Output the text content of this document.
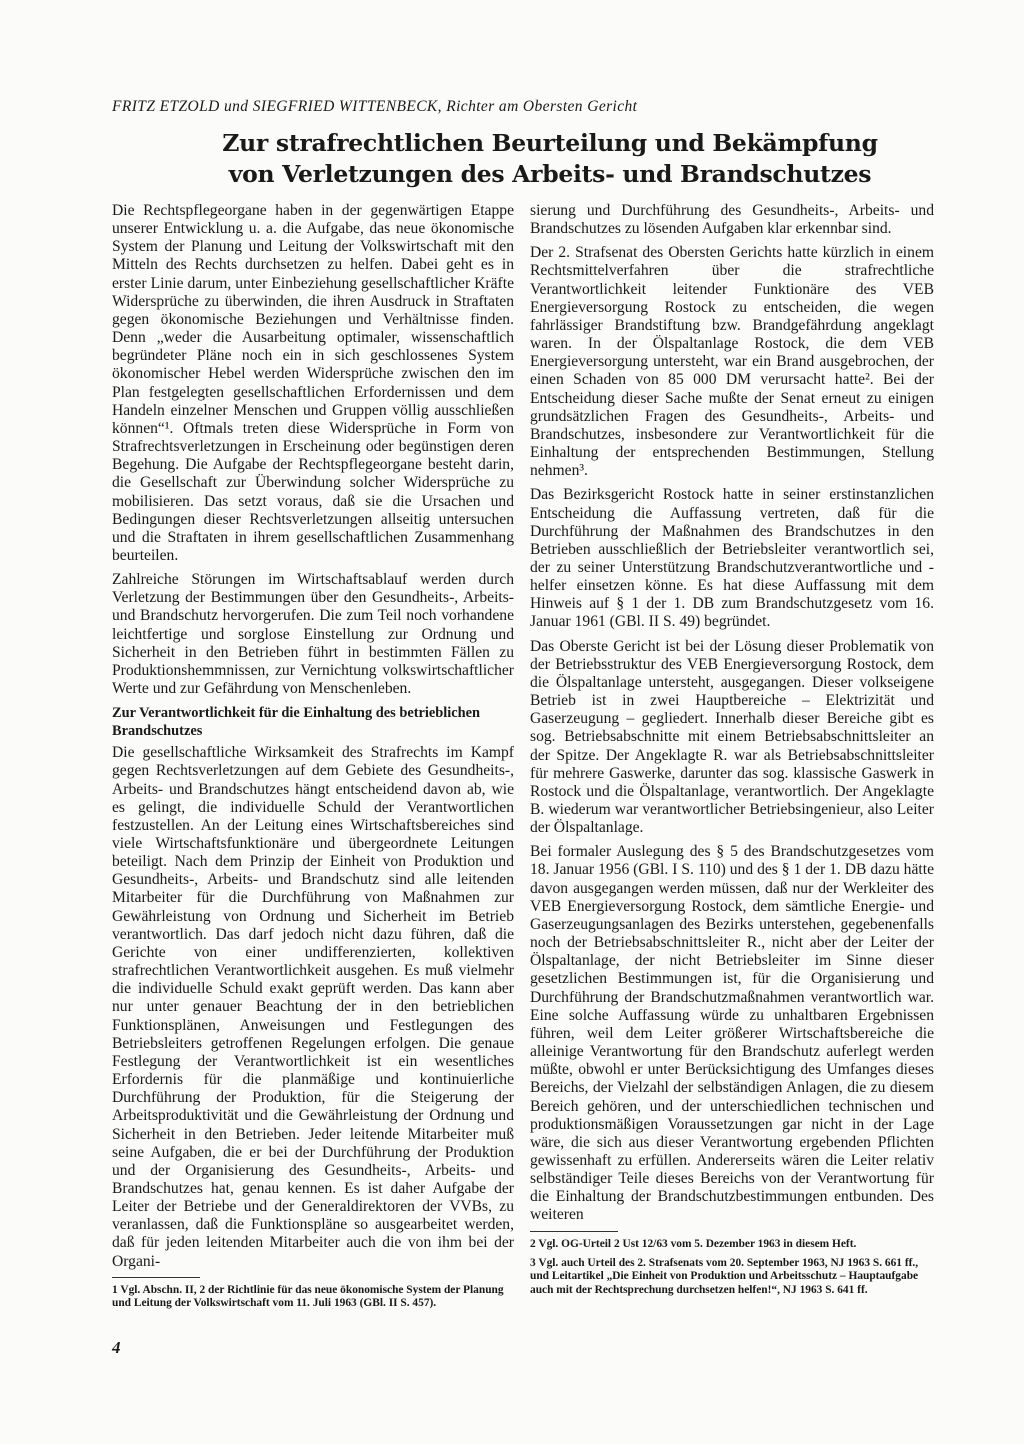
FRITZ ETZOLD und SIEGFRIED WITTENBECK, Richter am Obersten Gericht
Zur strafrechtlichen Beurteilung und Bekämpfung
von Verletzungen des Arbeits- und Brandschutzes

Die Rechtspflegeorgane haben in der gegenwärtigen Etappe unserer Entwicklung u. a. die Aufgabe, das neue ökonomische System der Planung und Leitung der Volkswirtschaft mit den Mitteln des Rechts durchsetzen zu helfen. Dabei geht es in erster Linie darum, unter Einbeziehung gesellschaftlicher Kräfte Widersprüche zu überwinden, die ihren Ausdruck in Straftaten gegen ökonomische Beziehungen und Verhältnisse finden. Denn „weder die Ausarbeitung optimaler, wissenschaftlich begründeter Pläne noch ein in sich geschlossenes System ökonomischer Hebel werden Widersprüche zwischen den im Plan festgelegten gesellschaftlichen Erfordernissen und dem Handeln einzelner Menschen und Gruppen völlig ausschließen können“¹. Oftmals treten diese Widersprüche in Form von Strafrechtsverletzungen in Erscheinung oder begünstigen deren Begehung. Die Aufgabe der Rechtspflegeorgane besteht darin, die Gesellschaft zur Überwindung solcher Widersprüche zu mobilisieren. Das setzt voraus, daß sie die Ursachen und Bedingungen dieser Rechtsverletzungen allseitig untersuchen und die Straftaten in ihrem gesellschaftlichen Zusammenhang beurteilen.

Zahlreiche Störungen im Wirtschaftsablauf werden durch Verletzung der Bestimmungen über den Gesundheits-, Arbeits- und Brandschutz hervorgerufen. Die zum Teil noch vorhandene leichtfertige und sorglose Einstellung zur Ordnung und Sicherheit in den Betrieben führt in bestimmten Fällen zu Produktionshemmnissen, zur Vernichtung volkswirtschaftlicher Werte und zur Gefährdung von Menschenleben.

Zur Verantwortlichkeit für die Einhaltung des betrieblichen Brandschutzes

Die gesellschaftliche Wirksamkeit des Strafrechts im Kampf gegen Rechtsverletzungen auf dem Gebiete des Gesundheits-, Arbeits- und Brandschutzes hängt entscheidend davon ab, wie es gelingt, die individuelle Schuld der Verantwortlichen festzustellen. An der Leitung eines Wirtschaftsbereiches sind viele Wirtschaftsfunktionäre und übergeordnete Leitungen beteiligt. Nach dem Prinzip der Einheit von Produktion und Gesundheits-, Arbeits- und Brandschutz sind alle leitenden Mitarbeiter für die Durchführung von Maßnahmen zur Gewährleistung von Ordnung und Sicherheit im Betrieb verantwortlich. Das darf jedoch nicht dazu führen, daß die Gerichte von einer undifferenzierten, kollektiven strafrechtlichen Verantwortlichkeit ausgehen. Es muß vielmehr die individuelle Schuld exakt geprüft werden. Das kann aber nur unter genauer Beachtung der in den betrieblichen Funktionsplänen, Anweisungen und Festlegungen des Betriebsleiters getroffenen Regelungen erfolgen. Die genaue Festlegung der Verantwortlichkeit ist ein wesentliches Erfordernis für die planmäßige und kontinuierliche Durchführung der Produktion, für die Steigerung der Arbeitsproduktivität und die Gewährleistung der Ordnung und Sicherheit in den Betrieben. Jeder leitende Mitarbeiter muß seine Aufgaben, die er bei der Durchführung der Produktion und der Organisierung des Gesundheits-, Arbeits- und Brandschutzes hat, genau kennen. Es ist daher Aufgabe der Leiter der Betriebe und der Generaldirektoren der VVBs, zu veranlassen, daß die Funktionspläne so ausgearbeitet werden, daß für jeden leitenden Mitarbeiter auch die von ihm bei der Organi-

1 Vgl. Abschn. II, 2 der Richtlinie für das neue ökonomische System der Planung und Leitung der Volkswirtschaft vom 11. Juli 1963 (GBl. II S. 457).

sierung und Durchführung des Gesundheits-, Arbeits- und Brandschutzes zu lösenden Aufgaben klar erkennbar sind.

Der 2. Strafsenat des Obersten Gerichts hatte kürzlich in einem Rechtsmittelverfahren über die strafrechtliche Verantwortlichkeit leitender Funktionäre des VEB Energieversorgung Rostock zu entscheiden, die wegen fahrlässiger Brandstiftung bzw. Brandgefährdung angeklagt waren. In der Ölspaltanlage Rostock, die dem VEB Energieversorgung untersteht, war ein Brand ausgebrochen, der einen Schaden von 85 000 DM verursacht hatte². Bei der Entscheidung dieser Sache mußte der Senat erneut zu einigen grundsätzlichen Fragen des Gesundheits-, Arbeits- und Brandschutzes, insbesondere zur Verantwortlichkeit für die Einhaltung der entsprechenden Bestimmungen, Stellung nehmen³.

Das Bezirksgericht Rostock hatte in seiner erstinstanzlichen Entscheidung die Auffassung vertreten, daß für die Durchführung der Maßnahmen des Brandschutzes in den Betrieben ausschließlich der Betriebsleiter verantwortlich sei, der zu seiner Unterstützung Brandschutzverantwortliche und -helfer einsetzen könne. Es hat diese Auffassung mit dem Hinweis auf § 1 der 1. DB zum Brandschutzgesetz vom 16. Januar 1961 (GBl. II S. 49) begründet.

Das Oberste Gericht ist bei der Lösung dieser Problematik von der Betriebsstruktur des VEB Energieversorgung Rostock, dem die Ölspaltanlage untersteht, ausgegangen. Dieser volkseigene Betrieb ist in zwei Hauptbereiche – Elektrizität und Gaserzeugung – gegliedert. Innerhalb dieser Bereiche gibt es sog. Betriebsabschnitte mit einem Betriebsabschnittsleiter an der Spitze. Der Angeklagte R. war als Betriebsabschnittsleiter für mehrere Gaswerke, darunter das sog. klassische Gaswerk in Rostock und die Ölspaltanlage, verantwortlich. Der Angeklagte B. wiederum war verantwortlicher Betriebsingenieur, also Leiter der Ölspaltanlage.

Bei formaler Auslegung des § 5 des Brandschutzgesetzes vom 18. Januar 1956 (GBl. I S. 110) und des § 1 der 1. DB dazu hätte davon ausgegangen werden müssen, daß nur der Werkleiter des VEB Energieversorgung Rostock, dem sämtliche Energie- und Gaserzeugungsanlagen des Bezirks unterstehen, gegebenenfalls noch der Betriebsabschnittsleiter R., nicht aber der Leiter der Ölspaltanlage, der nicht Betriebsleiter im Sinne dieser gesetzlichen Bestimmungen ist, für die Organisierung und Durchführung der Brandschutzmaßnahmen verantwortlich war. Eine solche Auffassung würde zu unhaltbaren Ergebnissen führen, weil dem Leiter größerer Wirtschaftsbereiche die alleinige Verantwortung für den Brandschutz auferlegt werden müßte, obwohl er unter Berücksichtigung des Umfanges dieses Bereichs, der Vielzahl der selbständigen Anlagen, die zu diesem Bereich gehören, und der unterschiedlichen technischen und produktionsmäßigen Voraussetzungen gar nicht in der Lage wäre, die sich aus dieser Verantwortung ergebenden Pflichten gewissenhaft zu erfüllen. Andererseits wären die Leiter relativ selbständiger Teile dieses Bereichs von der Verantwortung für die Einhaltung der Brandschutzbestimmungen entbunden. Des weiteren

2 Vgl. OG-Urteil 2 Ust 12/63 vom 5. Dezember 1963 in diesem Heft.

3 Vgl. auch Urteil des 2. Strafsenats vom 20. September 1963, NJ 1963 S. 661 ff., und Leitartikel „Die Einheit von Produktion und Arbeitsschutz – Hauptaufgabe auch mit der Rechtsprechung durchsetzen helfen!“, NJ 1963 S. 641 ff.

4
